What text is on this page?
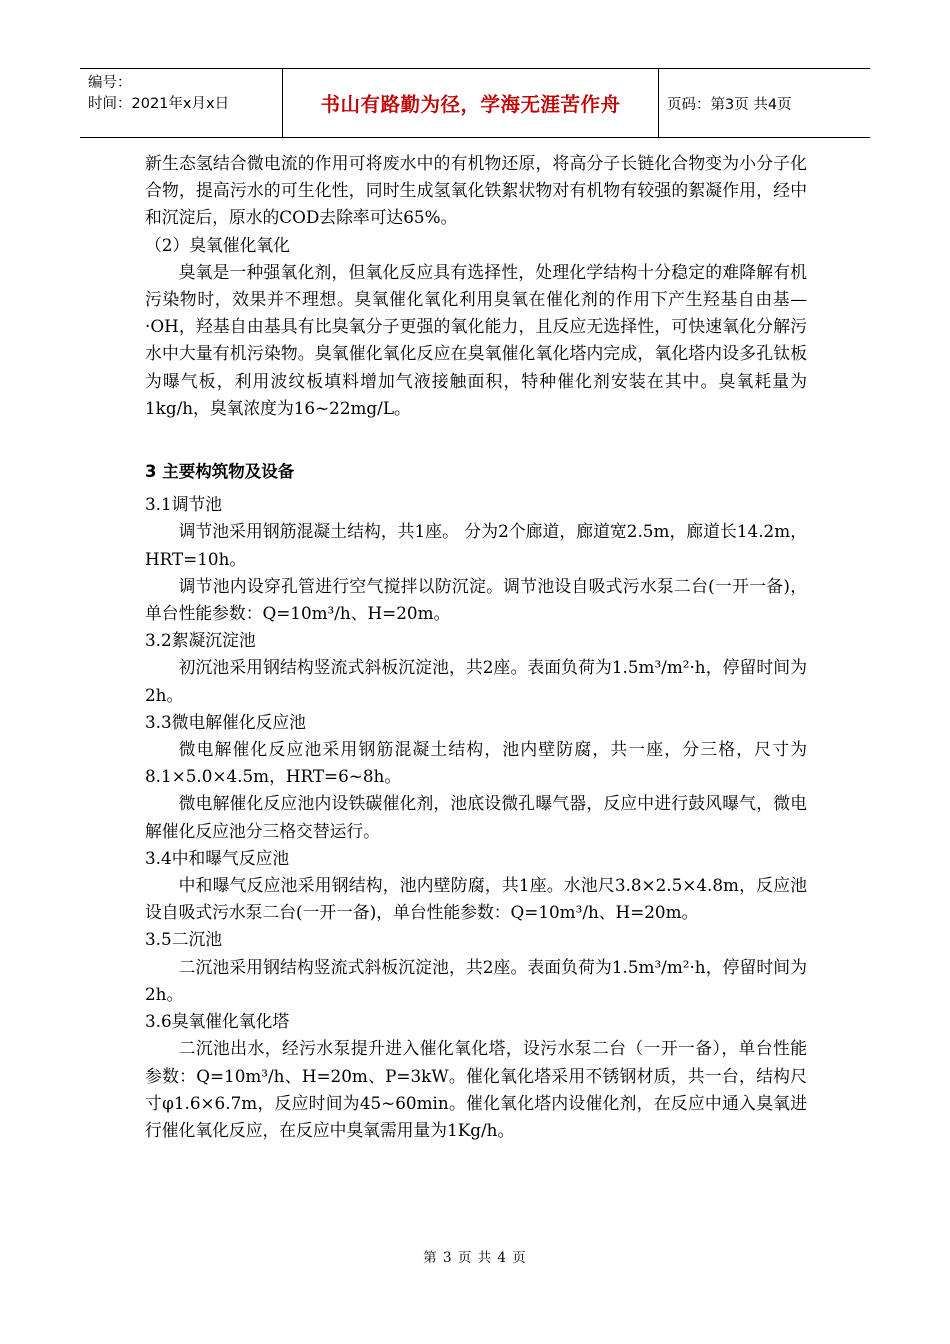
编号：
时间：2021年x月x日	书山有路勤为径，学海无涯苦作舟	页码：第3页 共4页

新生态氢结合微电流的作用可将废水中的有机物还原，将高分子长链化合物变为小分子化合物，提高污水的可生化性，同时生成氢氧化铁絮状物对有机物有较强的絮凝作用，经中和沉淀后，原水的COD去除率可达65%。

（2）臭氧催化氧化

臭氧是一种强氧化剂，但氧化反应具有选择性，处理化学结构十分稳定的难降解有机污染物时，效果并不理想。臭氧催化氧化利用臭氧在催化剂的作用下产生羟基自由基—·OH，羟基自由基具有比臭氧分子更强的氧化能力，且反应无选择性，可快速氧化分解污水中大量有机污染物。臭氧催化氧化反应在臭氧催化氧化塔内完成，氧化塔内设多孔钛板为曝气板，利用波纹板填料增加气液接触面积，特种催化剂安装在其中。臭氧耗量为1kg/h，臭氧浓度为16~22mg/L。

3 主要构筑物及设备

3.1调节池

调节池采用钢筋混凝土结构，共1座。 分为2个廊道，廊道宽2.5m，廊道长14.2m，HRT=10h。

调节池内设穿孔管进行空气搅拌以防沉淀。调节池设自吸式污水泵二台(一开一备)，单台性能参数：Q=10m³/h、H=20m。

3.2絮凝沉淀池

初沉池采用钢结构竖流式斜板沉淀池，共2座。表面负荷为1.5m³/m²·h，停留时间为2h。

3.3微电解催化反应池

微电解催化反应池采用钢筋混凝土结构，池内壁防腐，共一座，分三格，尺寸为8.1×5.0×4.5m，HRT=6~8h。

微电解催化反应池内设铁碳催化剂，池底设微孔曝气器，反应中进行鼓风曝气，微电解催化反应池分三格交替运行。

3.4中和曝气反应池

中和曝气反应池采用钢结构，池内壁防腐，共1座。水池尺3.8×2.5×4.8m，反应池设自吸式污水泵二台(一开一备)，单台性能参数：Q=10m³/h、H=20m。

3.5二沉池

二沉池采用钢结构竖流式斜板沉淀池，共2座。表面负荷为1.5m³/m²·h，停留时间为2h。

3.6臭氧催化氧化塔

二沉池出水，经污水泵提升进入催化氧化塔，设污水泵二台（一开一备），单台性能参数：Q=10m³/h、H=20m、P=3kW。催化氧化塔采用不锈钢材质，共一台，结构尺寸φ1.6×6.7m，反应时间为45~60min。催化氧化塔内设催化剂，在反应中通入臭氧进行催化氧化反应，在反应中臭氧需用量为1Kg/h。

第 3 页 共 4 页
